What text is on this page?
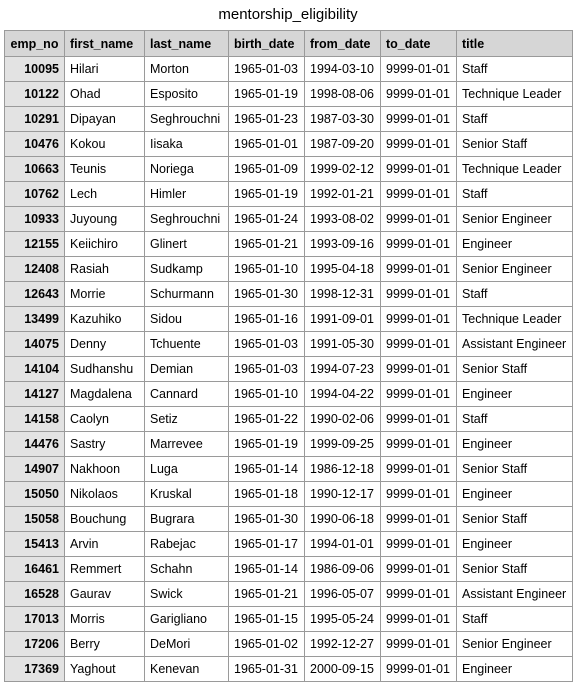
mentorship_eligibility
emp_no	first_name	last_name	birth_date	from_date	to_date	title
10095	Hilari	Morton	1965-01-03	1994-03-10	9999-01-01	Staff
10122	Ohad	Esposito	1965-01-19	1998-08-06	9999-01-01	Technique Leader
10291	Dipayan	Seghrouchni	1965-01-23	1987-03-30	9999-01-01	Staff
10476	Kokou	Iisaka	1965-01-01	1987-09-20	9999-01-01	Senior Staff
10663	Teunis	Noriega	1965-01-09	1999-02-12	9999-01-01	Technique Leader
10762	Lech	Himler	1965-01-19	1992-01-21	9999-01-01	Staff
10933	Juyoung	Seghrouchni	1965-01-24	1993-08-02	9999-01-01	Senior Engineer
12155	Keiichiro	Glinert	1965-01-21	1993-09-16	9999-01-01	Engineer
12408	Rasiah	Sudkamp	1965-01-10	1995-04-18	9999-01-01	Senior Engineer
12643	Morrie	Schurmann	1965-01-30	1998-12-31	9999-01-01	Staff
13499	Kazuhiko	Sidou	1965-01-16	1991-09-01	9999-01-01	Technique Leader
14075	Denny	Tchuente	1965-01-03	1991-05-30	9999-01-01	Assistant Engineer
14104	Sudhanshu	Demian	1965-01-03	1994-07-23	9999-01-01	Senior Staff
14127	Magdalena	Cannard	1965-01-10	1994-04-22	9999-01-01	Engineer
14158	Caolyn	Setiz	1965-01-22	1990-02-06	9999-01-01	Staff
14476	Sastry	Marrevee	1965-01-19	1999-09-25	9999-01-01	Engineer
14907	Nakhoon	Luga	1965-01-14	1986-12-18	9999-01-01	Senior Staff
15050	Nikolaos	Kruskal	1965-01-18	1990-12-17	9999-01-01	Engineer
15058	Bouchung	Bugrara	1965-01-30	1990-06-18	9999-01-01	Senior Staff
15413	Arvin	Rabejac	1965-01-17	1994-01-01	9999-01-01	Engineer
16461	Remmert	Schahn	1965-01-14	1986-09-06	9999-01-01	Senior Staff
16528	Gaurav	Swick	1965-01-21	1996-05-07	9999-01-01	Assistant Engineer
17013	Morris	Garigliano	1965-01-15	1995-05-24	9999-01-01	Staff
17206	Berry	DeMori	1965-01-02	1992-12-27	9999-01-01	Senior Engineer
17369	Yaghout	Kenevan	1965-01-31	2000-09-15	9999-01-01	Engineer
